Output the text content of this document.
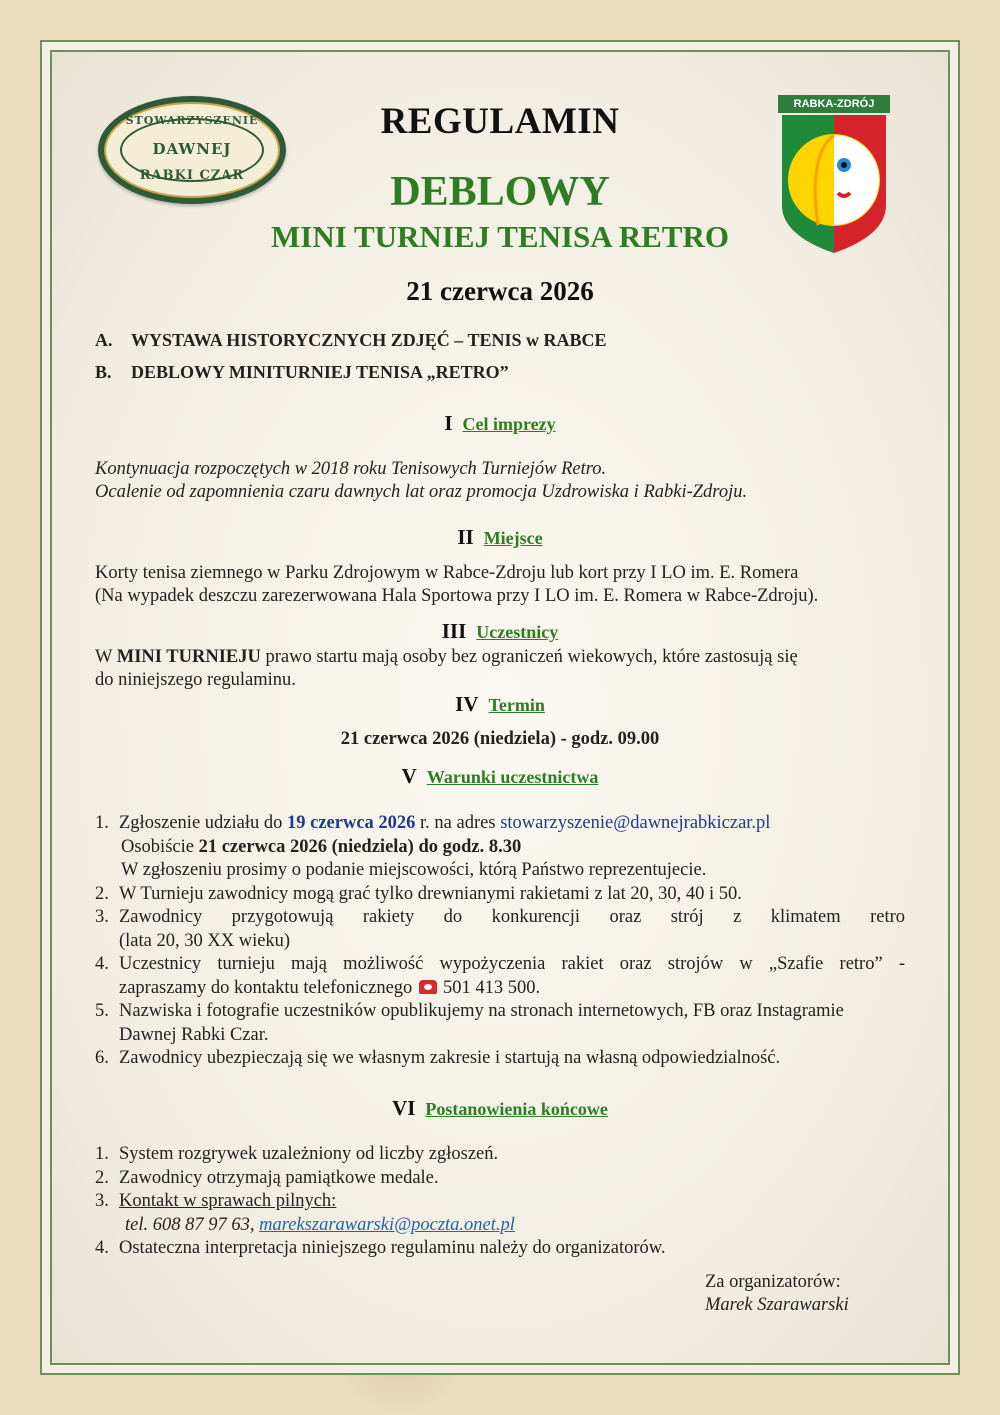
STOWARZYSZENIE
DAWNEJ
RABKI CZAR
RABKA-ZDRÓJ
REGULAMIN
DEBLOWY
MINI TURNIEJ TENISA RETRO
21 czerwca 2026
A. WYSTAWA HISTORYCZNYCH ZDJĘĆ – TENIS w RABCE
B. DEBLOWY MINITURNIEJ TENISA „RETRO”
I Cel imprezy
Kontynuacja rozpoczętych w 2018 roku Tenisowych Turniejów Retro.
Ocalenie od zapomnienia czaru dawnych lat oraz promocja Uzdrowiska i Rabki-Zdroju.
II Miejsce
Korty tenisa ziemnego w Parku Zdrojowym w Rabce-Zdroju lub kort przy I LO im. E. Romera
(Na wypadek deszczu zarezerwowana Hala Sportowa przy I LO im. E. Romera w Rabce-Zdroju).
III Uczestnicy
W MINI TURNIEJU prawo startu mają osoby bez ograniczeń wiekowych, które zastosują się
do niniejszego regulaminu.
IV Termin
21 czerwca 2026 (niedziela) - godz. 09.00
V Warunki uczestnictwa
1. Zgłoszenie udziału do 19 czerwca 2026 r. na adres stowarzyszenie@dawnejrabkiczar.pl
Osobiście 21 czerwca 2026 (niedziela) do godz. 8.30
W zgłoszeniu prosimy o podanie miejscowości, którą Państwo reprezentujecie.
2. W Turnieju zawodnicy mogą grać tylko drewnianymi rakietami z lat 20, 30, 40 i 50.
3. Zawodnicy przygotowują rakiety do konkurencji oraz strój z klimatem retro
(lata 20, 30 XX wieku)
4. Uczestnicy turnieju mają możliwość wypożyczenia rakiet oraz strojów w „Szafie retro” -
zapraszamy do kontaktu telefonicznego 501 413 500.
5. Nazwiska i fotografie uczestników opublikujemy na stronach internetowych, FB oraz Instagramie
Dawnej Rabki Czar.
6. Zawodnicy ubezpieczają się we własnym zakresie i startują na własną odpowiedzialność.
VI Postanowienia końcowe
1. System rozgrywek uzależniony od liczby zgłoszeń.
2. Zawodnicy otrzymają pamiątkowe medale.
3. Kontakt w sprawach pilnych:
tel. 608 87 97 63, marekszarawarski@poczta.onet.pl
4. Ostateczna interpretacja niniejszego regulaminu należy do organizatorów.
Za organizatorów:
Marek Szarawarski
